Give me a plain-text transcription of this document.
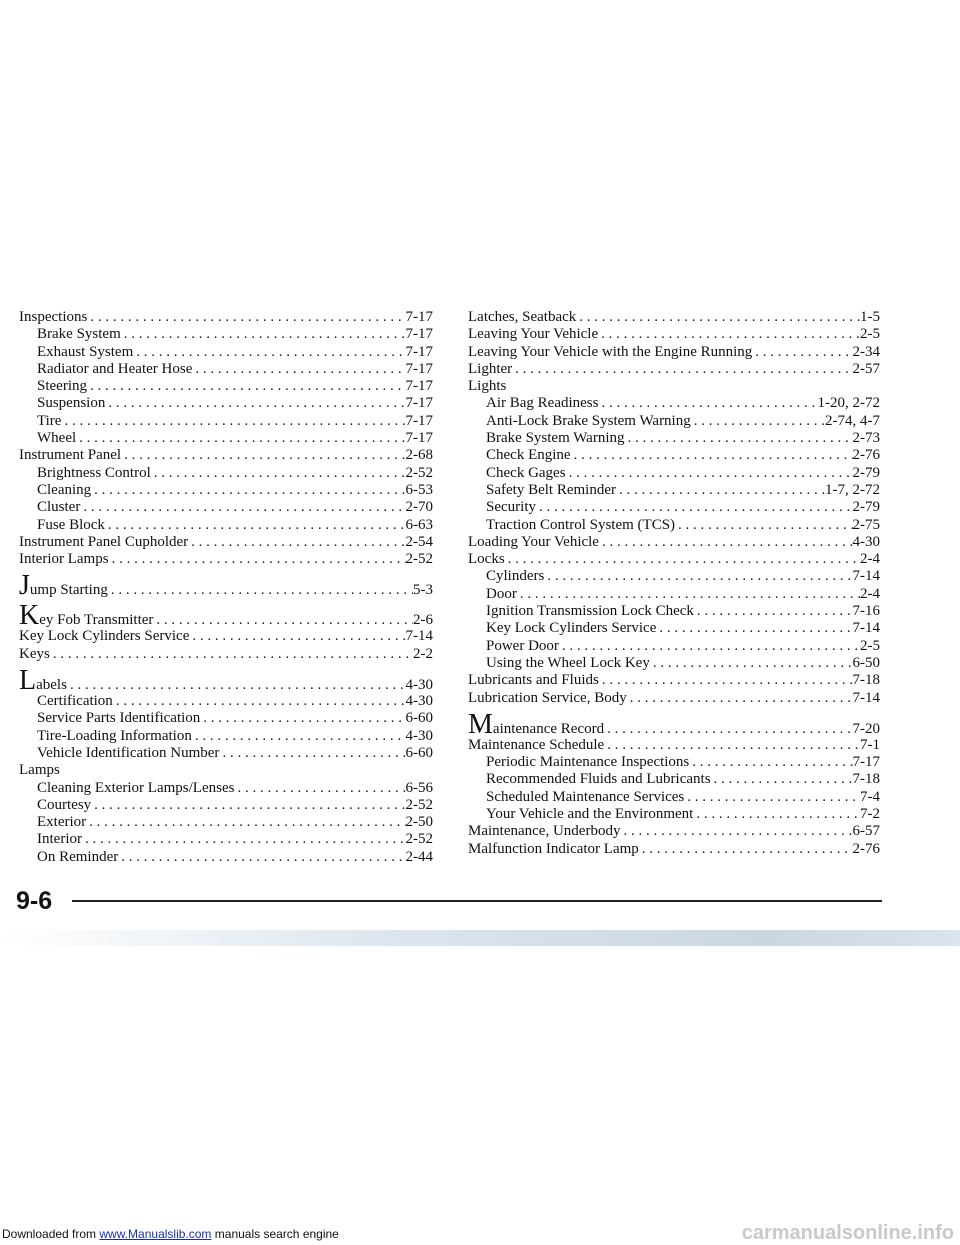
Inspections . . .	7-17
Brake System . . .	7-17
Exhaust System . . .	7-17
Radiator and Heater Hose . . .	7-17
Steering . . .	7-17
Suspension . . .	7-17
Tire . . .	7-17
Wheel . . .	7-17
Instrument Panel . . .	2-68
Brightness Control . . .	2-52
Cleaning . . .	6-53
Cluster . . .	2-70
Fuse Block . . .	6-63
Instrument Panel Cupholder . . .	2-54
Interior Lamps . . .	2-52
Jump Starting . . .	5-3
Key Fob Transmitter . . .	2-6
Key Lock Cylinders Service . . .	7-14
Keys . . .	2-2
Labels . . .	4-30
Certification . . .	4-30
Service Parts Identification . . .	6-60
Tire-Loading Information . . .	4-30
Vehicle Identification Number . . .	6-60
Lamps
Cleaning Exterior Lamps/Lenses . . .	6-56
Courtesy . . .	2-52
Exterior . . .	2-50
Interior . . .	2-52
On Reminder . . .	2-44
Latches, Seatback . . .	1-5
Leaving Your Vehicle . . .	2-5
Leaving Your Vehicle with the Engine Running . . .	2-34
Lighter . . .	2-57
Lights
Air Bag Readiness . . .	1-20, 2-72
Anti-Lock Brake System Warning . . .	2-74, 4-7
Brake System Warning . . .	2-73
Check Engine . . .	2-76
Check Gages . . .	2-79
Safety Belt Reminder . . .	1-7, 2-72
Security . . .	2-79
Traction Control System (TCS) . . .	2-75
Loading Your Vehicle . . .	4-30
Locks . . .	2-4
Cylinders . . .	7-14
Door . . .	2-4
Ignition Transmission Lock Check . . .	7-16
Key Lock Cylinders Service . . .	7-14
Power Door . . .	2-5
Using the Wheel Lock Key . . .	6-50
Lubricants and Fluids . . .	7-18
Lubrication Service, Body . . .	7-14
Maintenance Record . . .	7-20
Maintenance Schedule . . .	7-1
Periodic Maintenance Inspections . . .	7-17
Recommended Fluids and Lubricants . . .	7-18
Scheduled Maintenance Services . . .	7-4
Your Vehicle and the Environment . . .	7-2
Maintenance, Underbody . . .	6-57
Malfunction Indicator Lamp . . .	2-76
9-6
Downloaded from www.Manualslib.com manuals search engine	carmanualsonline.info
